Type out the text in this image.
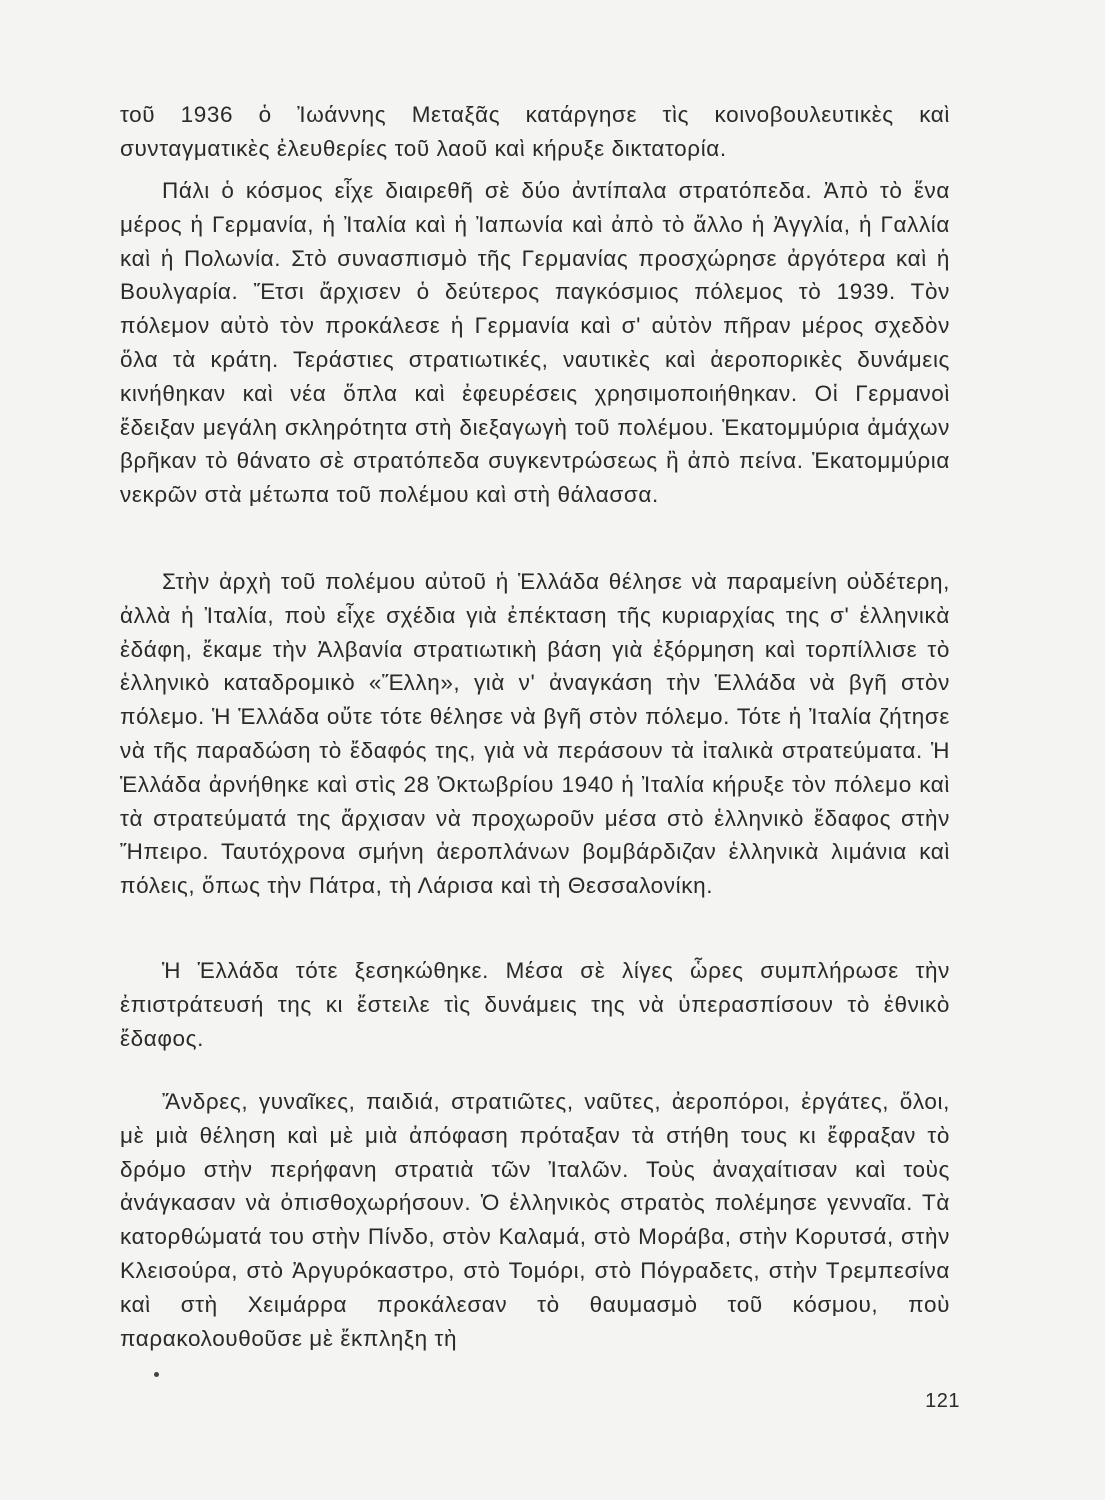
τοῦ 1936 ὁ Ἰωάννης Μεταξᾶς κατάργησε τὶς κοινοβουλευτικὲς καὶ συνταγματικὲς ἐλευθερίες τοῦ λαοῦ καὶ κήρυξε δικτατορία.

Πάλι ὁ κόσμος εἶχε διαιρεθῆ σὲ δύο ἀντίπαλα στρατόπεδα. Ἀπὸ τὸ ἕνα μέρος ἡ Γερμανία, ἡ Ἰταλία καὶ ἡ Ἰαπωνία καὶ ἀπὸ τὸ ἄλλο ἡ Ἀγγλία, ἡ Γαλλία καὶ ἡ Πολωνία. Στὸ συνασπισμὸ τῆς Γερμανίας προσχώρησε ἀργότερα καὶ ἡ Βουλγαρία. Ἔτσι ἄρχισεν ὁ δεύτερος παγκόσμιος πόλεμος τὸ 1939. Τὸν πόλεμον αὐτὸ τὸν προκάλεσε ἡ Γερμανία καὶ σ' αὐτὸν πῆραν μέρος σχεδὸν ὅλα τὰ κράτη. Τεράστιες στρατιωτικές, ναυτικὲς καὶ ἀεροπορικὲς δυνάμεις κινήθηκαν καὶ νέα ὅπλα καὶ ἐφευρέσεις χρησιμοποιήθηκαν. Οἱ Γερμανοὶ ἔδειξαν μεγάλη σκληρότητα στὴ διεξαγωγὴ τοῦ πολέμου. Ἑκατομμύρια ἀμάχων βρῆκαν τὸ θάνατο σὲ στρατόπεδα συγκεντρώσεως ἢ ἀπὸ πείνα. Ἑκατομμύρια νεκρῶν στὰ μέτωπα τοῦ πολέμου καὶ στὴ θάλασσα.

Στὴν ἀρχὴ τοῦ πολέμου αὐτοῦ ἡ Ἑλλάδα θέλησε νὰ παραμείνη οὐδέτερη, ἀλλὰ ἡ Ἰταλία, ποὺ εἶχε σχέδια γιὰ ἐπέκταση τῆς κυριαρχίας της σ' ἑλληνικὰ ἐδάφη, ἔκαμε τὴν Ἀλβανία στρατιωτικὴ βάση γιὰ ἐξόρμηση καὶ τορπίλλισε τὸ ἑλληνικὸ καταδρομικὸ «Ἕλλη», γιὰ ν' ἀναγκάση τὴν Ἑλλάδα νὰ βγῆ στὸν πόλεμο. Ἡ Ἑλλάδα οὔτε τότε θέλησε νὰ βγῆ στὸν πόλεμο. Τότε ἡ Ἰταλία ζήτησε νὰ τῆς παραδώση τὸ ἔδαφός της, γιὰ νὰ περάσουν τὰ ἰταλικὰ στρατεύματα. Ἡ Ἑλλάδα ἀρνήθηκε καὶ στὶς 28 Ὀκτωβρίου 1940 ἡ Ἰταλία κήρυξε τὸν πόλεμο καὶ τὰ στρατεύματά της ἄρχισαν νὰ προχωροῦν μέσα στὸ ἑλληνικὸ ἔδαφος στὴν Ἤπειρο. Ταυτόχρονα σμήνη ἀεροπλάνων βομβάρδιζαν ἑλληνικὰ λιμάνια καὶ πόλεις, ὅπως τὴν Πάτρα, τὴ Λάρισα καὶ τὴ Θεσσαλονίκη.

Ἡ Ἑλλάδα τότε ξεσηκώθηκε. Μέσα σὲ λίγες ὧρες συμπλήρωσε τὴν ἐπιστράτευσή της κι ἔστειλε τὶς δυνάμεις της νὰ ὑπερασπίσουν τὸ ἐθνικὸ ἔδαφος.

Ἄνδρες, γυναῖκες, παιδιά, στρατιῶτες, ναῦτες, ἀεροπόροι, ἐργάτες, ὅλοι, μὲ μιὰ θέληση καὶ μὲ μιὰ ἀπόφαση πρόταξαν τὰ στήθη τους κι ἔφραξαν τὸ δρόμο στὴν περήφανη στρατιὰ τῶν Ἰταλῶν. Τοὺς ἀναχαίτισαν καὶ τοὺς ἀνάγκασαν νὰ ὀπισθοχωρήσουν. Ὁ ἑλληνικὸς στρατὸς πολέμησε γενναῖα. Τὰ κατορθώματά του στὴν Πίνδο, στὸν Καλαμά, στὸ Μοράβα, στὴν Κορυτσά, στὴν Κλεισούρα, στὸ Ἀργυρόκαστρο, στὸ Τομόρι, στὸ Πόγραδετς, στὴν Τρεμπεσίνα καὶ στὴ Χειμάρρα προκάλεσαν τὸ θαυμασμὸ τοῦ κόσμου, ποὺ παρακολουθοῦσε μὲ ἔκπληξη τὴ

121
